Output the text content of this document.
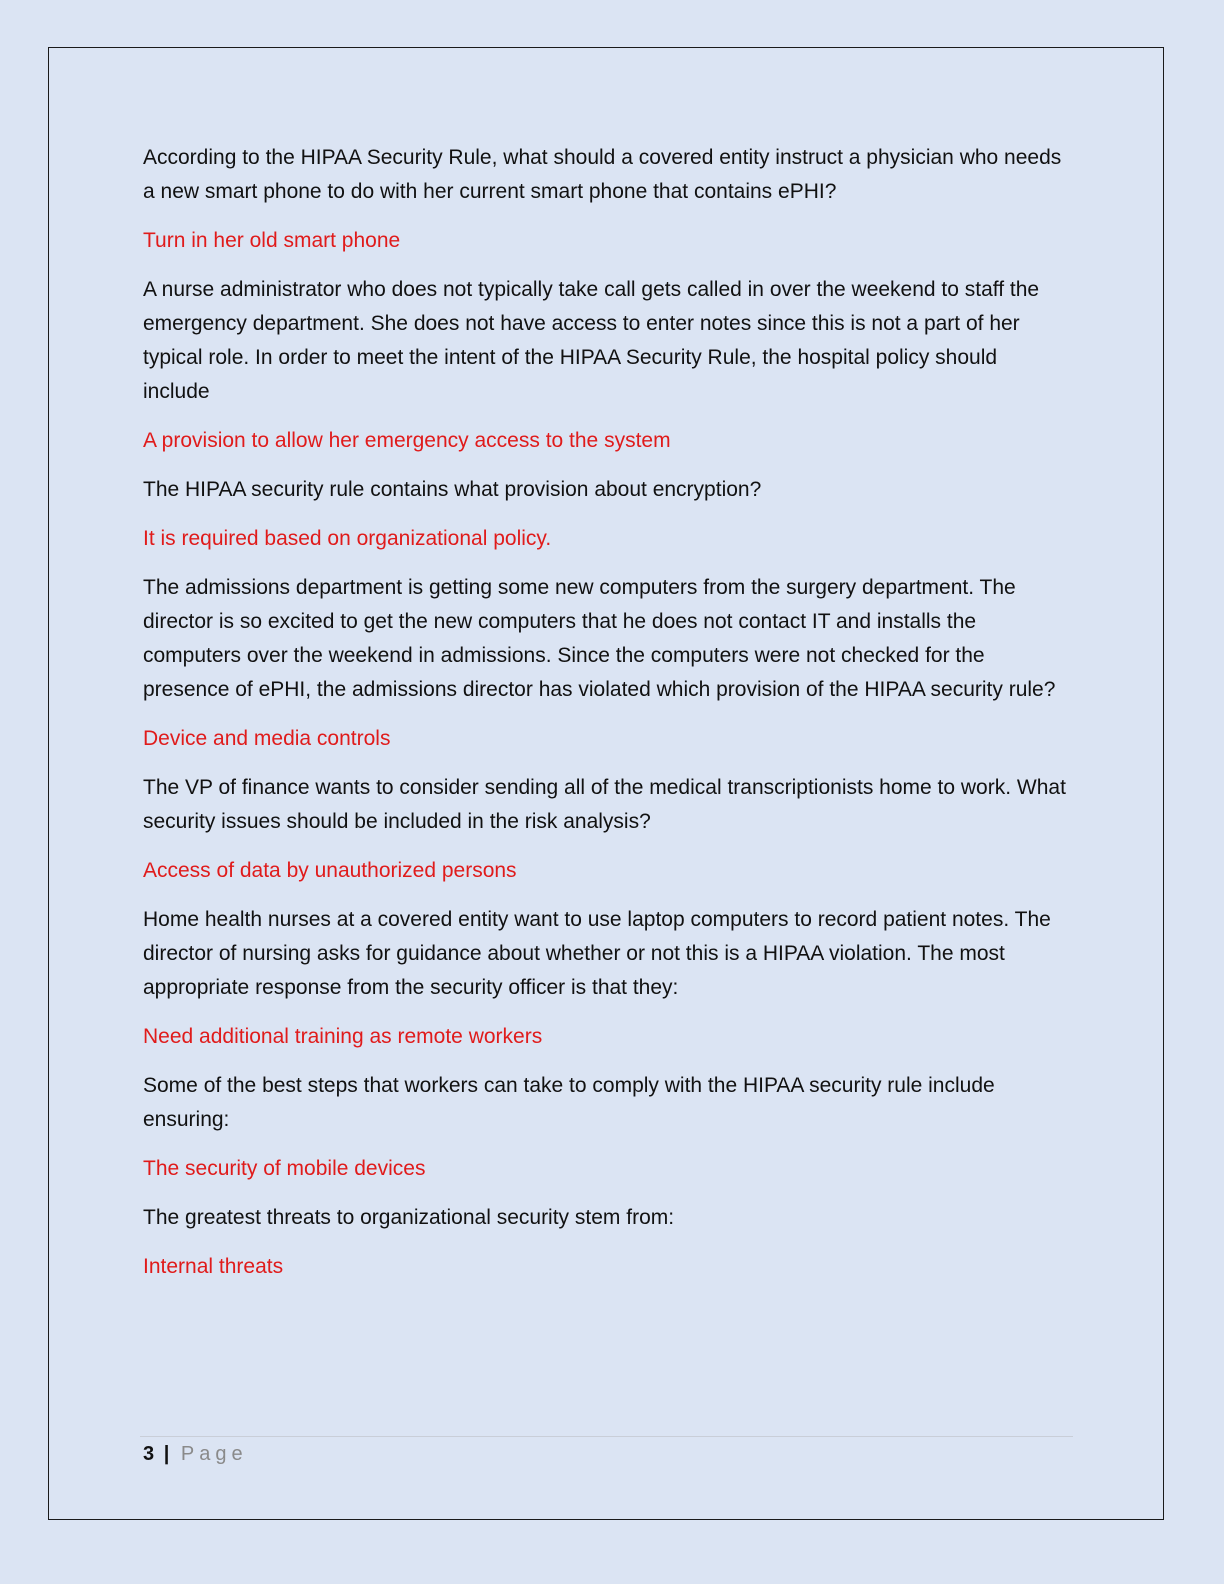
According to the HIPAA Security Rule, what should a covered entity instruct a physician who needs a new smart phone to do with her current smart phone that contains ePHI?

Turn in her old smart phone

A nurse administrator who does not typically take call gets called in over the weekend to staff the emergency department. She does not have access to enter notes since this is not a part of her typical role. In order to meet the intent of the HIPAA Security Rule, the hospital policy should include

A provision to allow her emergency access to the system

The HIPAA security rule contains what provision about encryption?

It is required based on organizational policy.

The admissions department is getting some new computers from the surgery department. The director is so excited to get the new computers that he does not contact IT and installs the computers over the weekend in admissions. Since the computers were not checked for the presence of ePHI, the admissions director has violated which provision of the HIPAA security rule?

Device and media controls

The VP of finance wants to consider sending all of the medical transcriptionists home to work. What security issues should be included in the risk analysis?

Access of data by unauthorized persons

Home health nurses at a covered entity want to use laptop computers to record patient notes. The director of nursing asks for guidance about whether or not this is a HIPAA violation. The most appropriate response from the security officer is that they:

Need additional training as remote workers

Some of the best steps that workers can take to comply with the HIPAA security rule include ensuring:

The security of mobile devices

The greatest threats to organizational security stem from:

Internal threats

3 | Page
